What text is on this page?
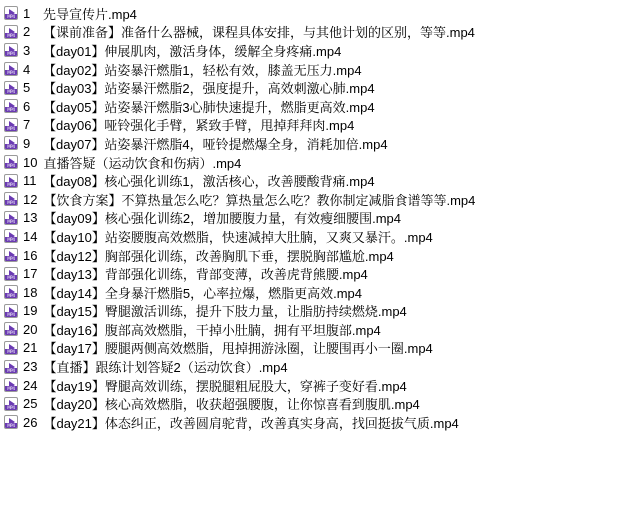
MP4 1 先导宣传片.mp4
MP4 2 【课前准备】准备什么器械，课程具体安排，与其他计划的区别，等等.mp4
MP4 3 【day01】伸展肌肉，激活身体，缓解全身疼痛.mp4
MP4 4 【day02】站姿暴汗燃脂1，轻松有效，膝盖无压力.mp4
MP4 5 【day03】站姿暴汗燃脂2，强度提升，高效刺激心肺.mp4
MP4 6 【day05】站姿暴汗燃脂3心肺快速提升，燃脂更高效.mp4
MP4 7 【day06】哑铃强化手臂，紧致手臂，甩掉拜拜肉.mp4
MP4 9 【day07】站姿暴汗燃脂4，哑铃提燃爆全身，消耗加倍.mp4
MP4 10 直播答疑（运动饮食和伤病）.mp4
MP4 11 【day08】核心强化训练1，激活核心，改善腰酸背痛.mp4
MP4 12 【饮食方案】不算热量怎么吃？算热量怎么吃？教你制定减脂食谱等等.mp4
MP4 13 【day09】核心强化训练2，增加腰腹力量，有效瘦细腰围.mp4
MP4 14 【day10】站姿腰腹高效燃脂，快速减掉大肚腩，又爽又暴汗。.mp4
MP4 16 【day12】胸部强化训练，改善胸肌下垂，摆脱胸部尴尬.mp4
MP4 17 【day13】背部强化训练，背部变薄，改善虎背熊腰.mp4
MP4 18 【day14】全身暴汗燃脂5，心率拉爆，燃脂更高效.mp4
MP4 19 【day15】臀腿激活训练，提升下肢力量，让脂肪持续燃烧.mp4
MP4 20 【day16】腹部高效燃脂，干掉小肚腩，拥有平坦腹部.mp4
MP4 21 【day17】腰腿两侧高效燃脂，甩掉拥游泳圈，让腰围再小一圈.mp4
MP4 23 【直播】跟练计划答疑2（运动饮食）.mp4
MP4 24 【day19】臀腿高效训练，摆脱腿粗屁股大，穿裤子变好看.mp4
MP4 25 【day20】核心高效燃脂，收获超强腰腹，让你惊喜看到腹肌.mp4
MP4 26 【day21】体态纠正，改善圆肩驼背，改善真实身高，找回挺拔气质.mp4
